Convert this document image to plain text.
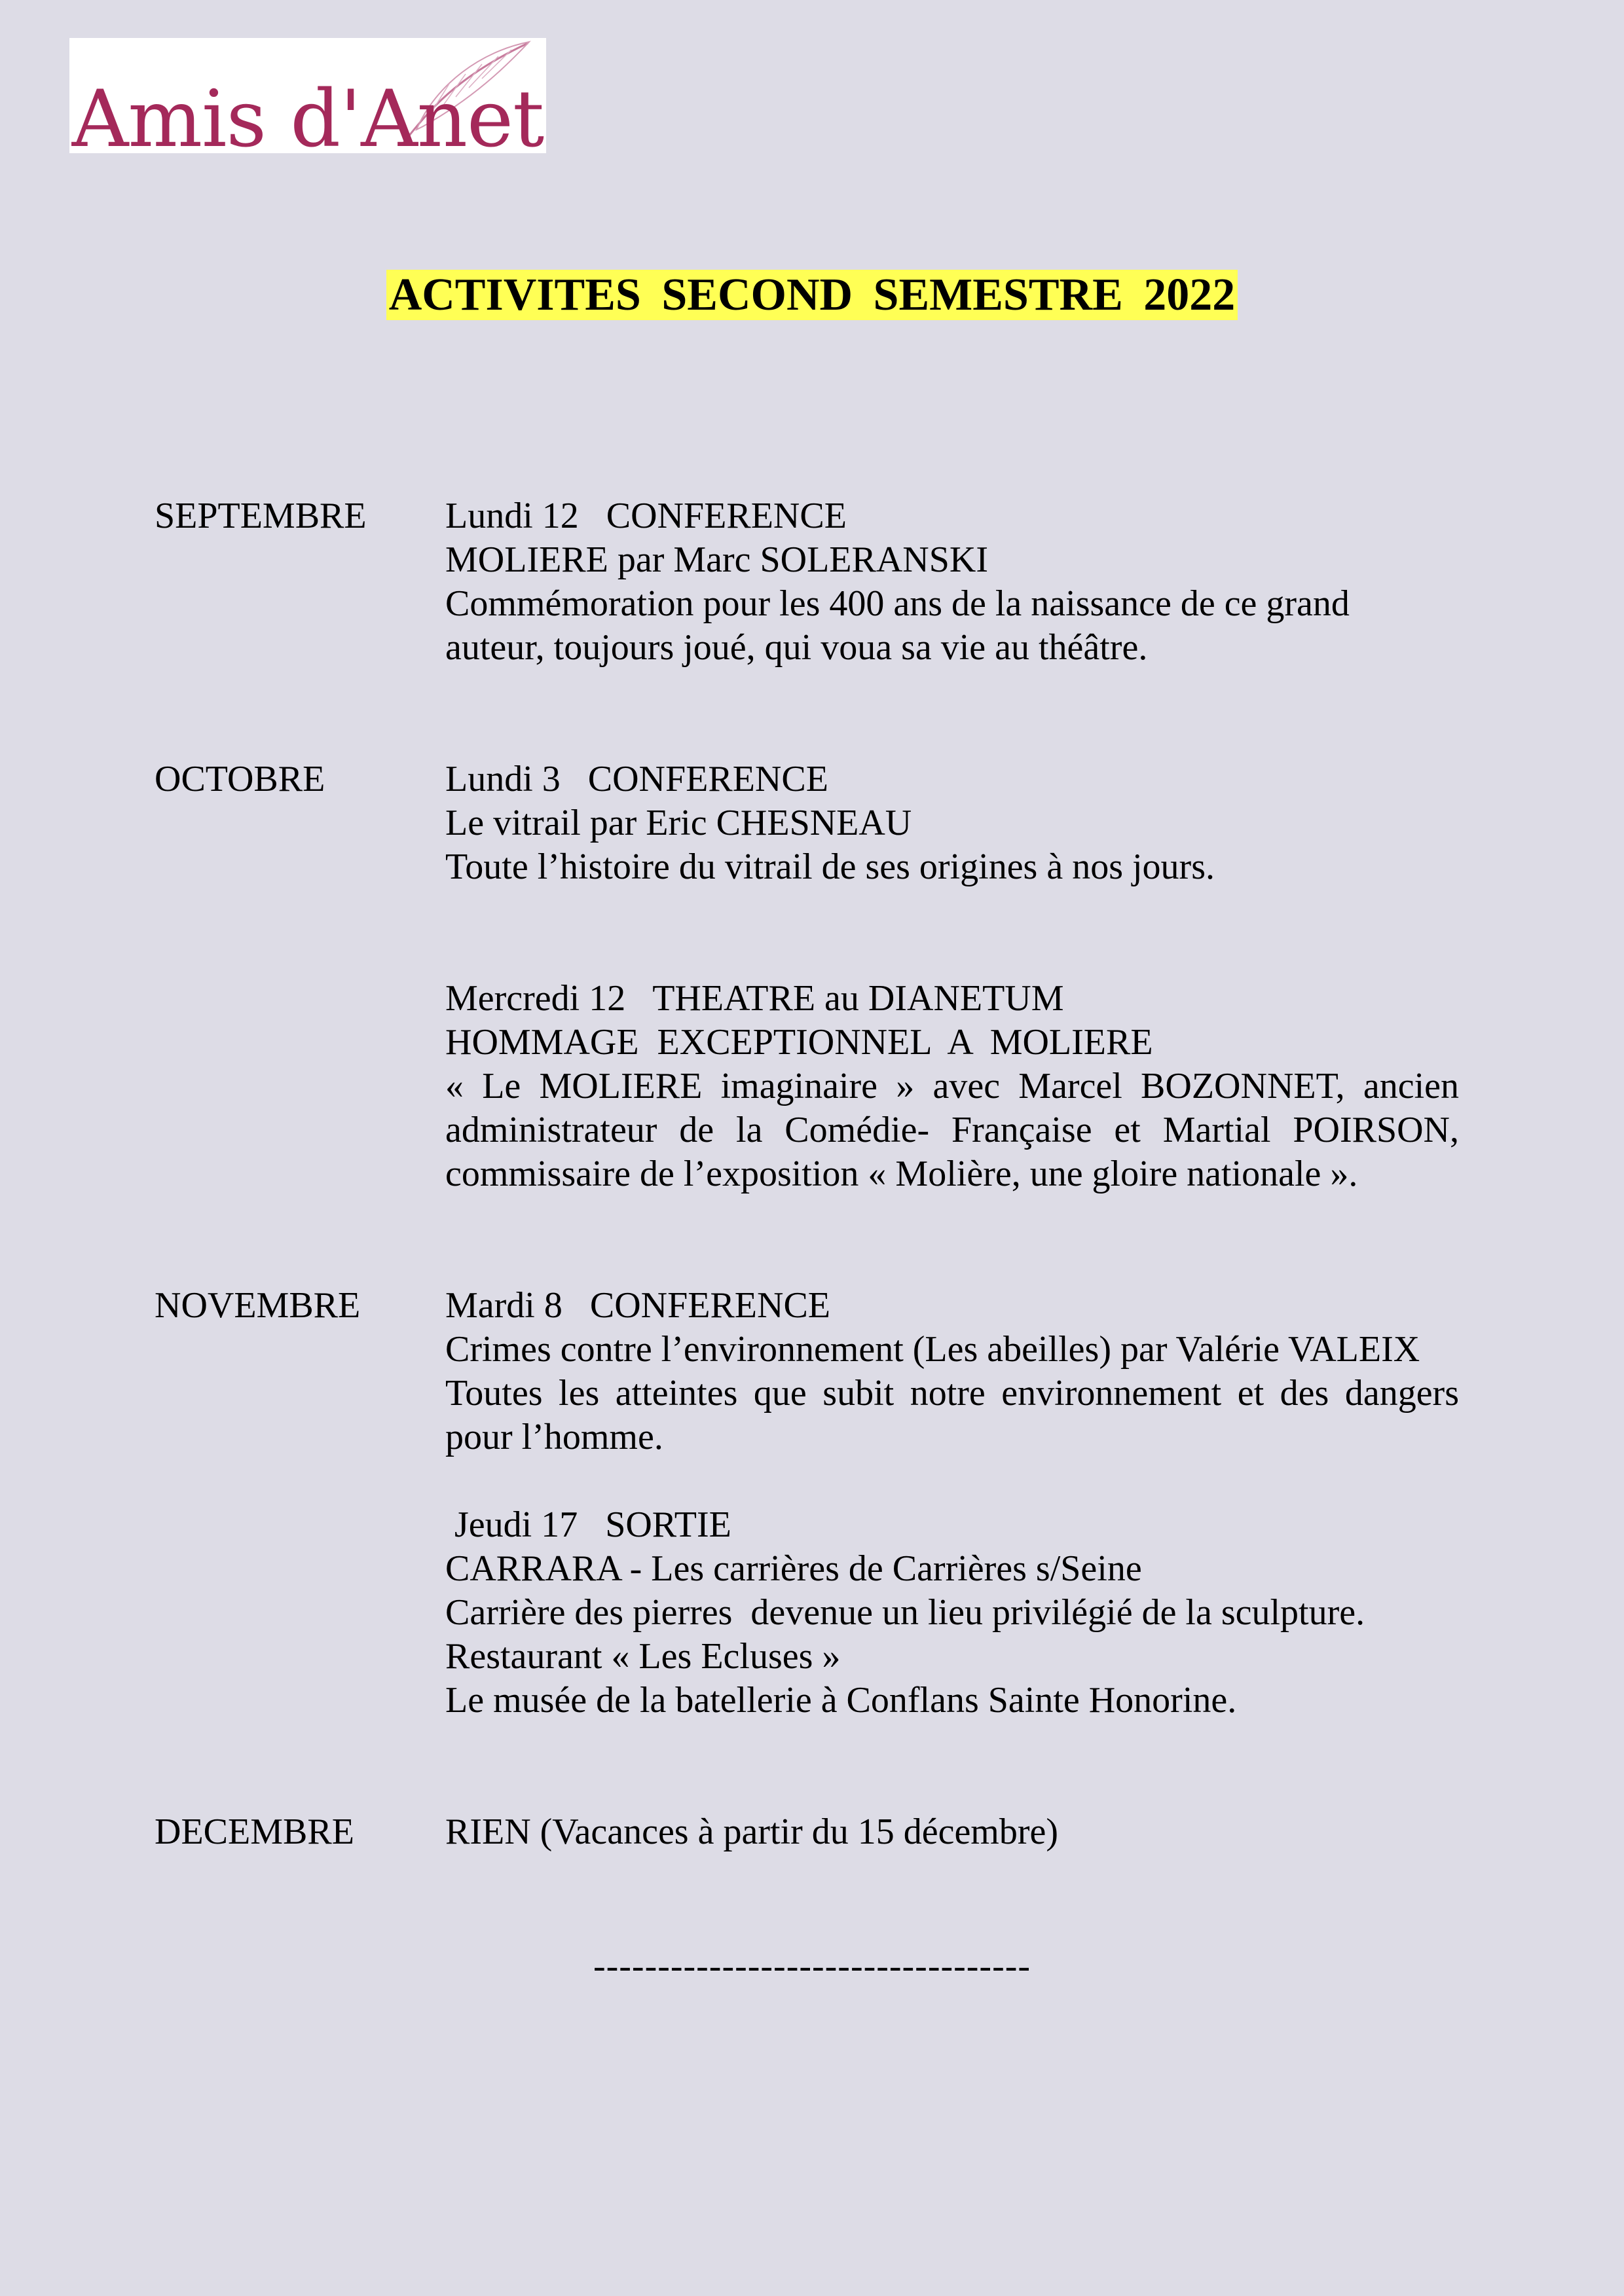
Amis d'Anet
ACTIVITES SECOND SEMESTRE 2022
SEPTEMBRE Lundi 12   CONFERENCE

MOLIERE par Marc SOLERANSKI

Commémoration pour les 400 ans de la naissance de ce grand auteur, toujours joué, qui voua sa vie au théâtre.

OCTOBRE	Lundi 3   CONFERENCE

Le vitrail par Eric CHESNEAU

Toute l’histoire du vitrail de ses origines à nos jours.

Mercredi 12   THEATRE au DIANETUM

HOMMAGE  EXCEPTIONNEL  A  MOLIERE

« Le MOLIERE imaginaire » avec Marcel BOZONNET, ancien administrateur de la Comédie- Française et Martial POIRSON, commissaire de l’exposition « Molière, une gloire nationale ».

NOVEMBRE Mardi 8   CONFERENCE

Crimes contre l’environnement (Les abeilles) par Valérie VALEIX

Toutes les atteintes que subit notre environnement et des dangers pour l’homme.

Jeudi 17   SORTIE

CARRARA - Les carrières de Carrières s/Seine

Carrière des pierres  devenue un lieu privilégié de la sculpture.

Restaurant « Les Ecluses »

Le musée de la batellerie à Conflans Sainte Honorine.

DECEMBRE RIEN (Vacances à partir du 15 décembre)

----------------------------------
